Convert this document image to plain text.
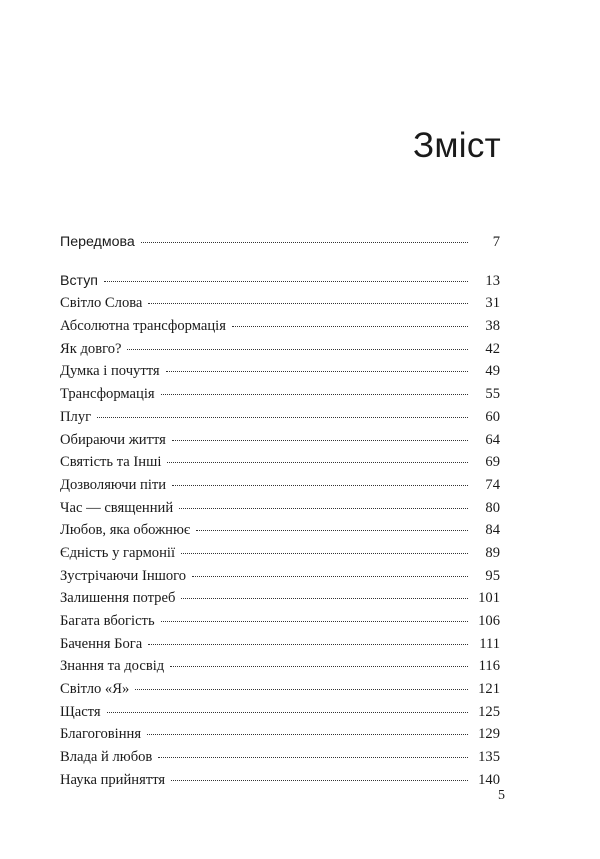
Зміст
Передмова	7
Вступ	13
Світло Слова	31
Абсолютна трансформація	38
Як довго?	42
Думка і почуття	49
Трансформація	55
Плуг	60
Обираючи життя	64
Святість та Інші	69
Дозволяючи піти	74
Час — священний	80
Любов, яка обожнює	84
Єдність у гармонії	89
Зустрічаючи Іншого	95
Залишення потреб	101
Багата вбогість	106
Бачення Бога	111
Знання та досвід	116
Світло «Я»	121
Щастя	125
Благоговіння	129
Влада й любов	135
Наука прийняття	140
5
